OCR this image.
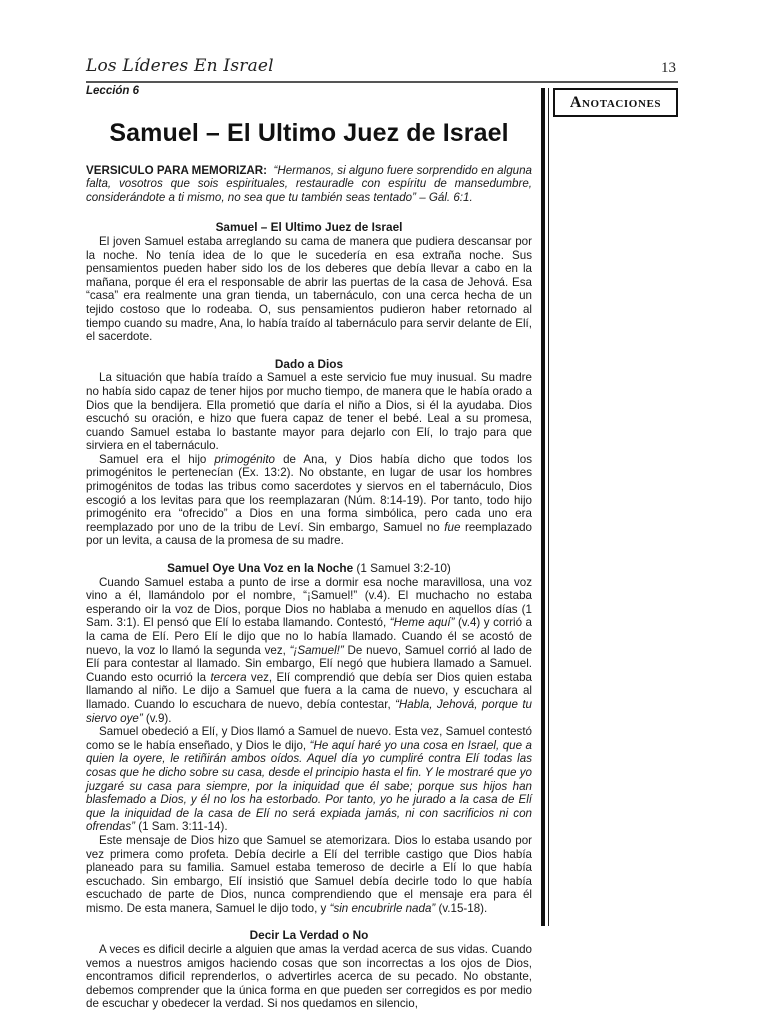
Los Líderes En Israel	13
Anotaciones
Lección 6
Samuel – El Ultimo Juez de Israel
VERSICULO PARA MEMORIZAR: “Hermanos, si alguno fuere sorprendido en alguna falta, vosotros que sois espirituales, restauradle con espíritu de mansedumbre, considerándote a ti mismo, no sea que tu también seas tentado” – Gál. 6:1.
Samuel – El Ultimo Juez de Israel

El joven Samuel estaba arreglando su cama de manera que pudiera descansar por la noche. No tenía idea de lo que le sucedería en esa extraña noche. Sus pensamientos pueden haber sido los de los deberes que debía llevar a cabo en la mañana, porque él era el responsable de abrir las puertas de la casa de Jehová. Esa “casa” era realmente una gran tienda, un tabernáculo, con una cerca hecha de un tejido costoso que lo rodeaba. O, sus pensamientos pudieron haber retornado al tiempo cuando su madre, Ana, lo había traído al tabernáculo para servir delante de Elí, el sacerdote.

Dado a Dios

La situación que había traído a Samuel a este servicio fue muy inusual. Su madre no había sido capaz de tener hijos por mucho tiempo, de manera que le había orado a Dios que la bendijera. Ella prometió que daría el niño a Dios, si él la ayudaba. Dios escuchó su oración, e hizo que fuera capaz de tener el bebé. Leal a su promesa, cuando Samuel estaba lo bastante mayor para dejarlo con Elí, lo trajo para que sirviera en el tabernáculo.

Samuel era el hijo primogénito de Ana, y Dios había dicho que todos los primogénitos le pertenecían (Ex. 13:2). No obstante, en lugar de usar los hombres primogénitos de todas las tribus como sacerdotes y siervos en el tabernáculo, Dios escogió a los levitas para que los reemplazaran (Núm. 8:14-19). Por tanto, todo hijo primogénito era “ofrecido” a Dios en una forma simbólica, pero cada uno era reemplazado por uno de la tribu de Leví. Sin embargo, Samuel no fue reemplazado por un levita, a causa de la promesa de su madre.

Samuel Oye Una Voz en la Noche (1 Samuel 3:2-10)

Cuando Samuel estaba a punto de irse a dormir esa noche maravillosa, una voz vino a él, llamándolo por el nombre, “¡Samuel!” (v.4). El muchacho no estaba esperando oir la voz de Dios, porque Dios no hablaba a menudo en aquellos días (1 Sam. 3:1). El pensó que Elí lo estaba llamando. Contestó, “Heme aquí” (v.4) y corrió a la cama de Elí. Pero Elí le dijo que no lo había llamado. Cuando él se acostó de nuevo, la voz lo llamó la segunda vez, “¡Samuel!” De nuevo, Samuel corrió al lado de Elí para contestar al llamado. Sin embargo, Elí negó que hubiera llamado a Samuel. Cuando esto ocurrió la tercera vez, Elí comprendió que debía ser Dios quien estaba llamando al niño. Le dijo a Samuel que fuera a la cama de nuevo, y escuchara al llamado. Cuando lo escuchara de nuevo, debía contestar, “Habla, Jehová, porque tu siervo oye” (v.9).

Samuel obedeció a Elí, y Dios llamó a Samuel de nuevo. Esta vez, Samuel contestó como se le había enseñado, y Dios le dijo, “He aquí haré yo una cosa en Israel, que a quien la oyere, le retiñirán ambos oídos. Aquel día yo cumpliré contra Elí todas las cosas que he dicho sobre su casa, desde el principio hasta el fin. Y le mostraré que yo juzgaré su casa para siempre, por la iniquidad que él sabe; porque sus hijos han blasfemado a Dios, y él no los ha estorbado. Por tanto, yo he jurado a la casa de Elí que la iniquidad de la casa de Elí no será expiada jamás, ni con sacrificios ni con ofrendas” (1 Sam. 3:11-14).

Este mensaje de Dios hizo que Samuel se atemorizara. Dios lo estaba usando por vez primera como profeta. Debía decirle a Elí del terrible castigo que Dios había planeado para su familia. Samuel estaba temeroso de decirle a Elí lo que había escuchado. Sin embargo, Elí insistió que Samuel debía decirle todo lo que había escuchado de parte de Dios, nunca comprendiendo que el mensaje era para él mismo. De esta manera, Samuel le dijo todo, y “sin encubrirle nada” (v.15-18).

Decir La Verdad o No

A veces es dificil decirle a alguien que amas la verdad acerca de sus vidas. Cuando vemos a nuestros amigos haciendo cosas que son incorrectas a los ojos de Dios, encontramos dificil reprenderlos, o advertirles acerca de su pecado. No obstante, debemos comprender que la única forma en que pueden ser corregidos es por medio de escuchar y obedecer la verdad. Si nos quedamos en silencio,
